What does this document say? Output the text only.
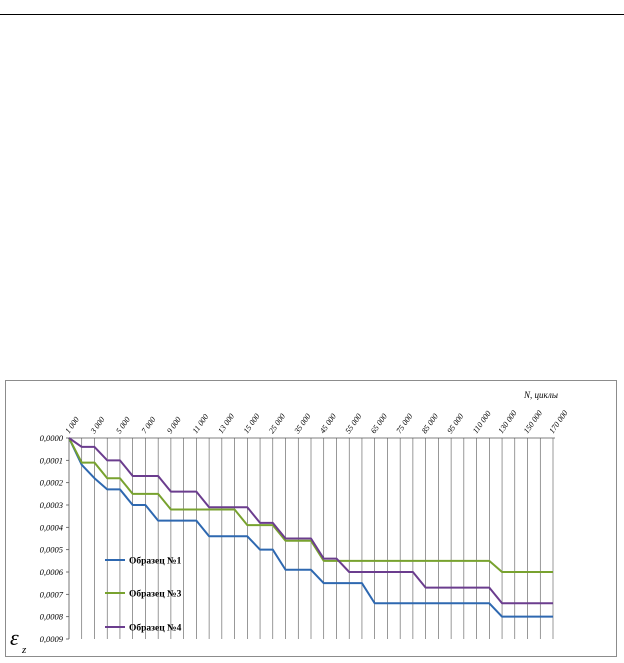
0,0000
0,0001
0,0002
0,0003
0,0004
0,0005
0,0006
0,0007
0,0008
0,0009
1 000 3 000 5 000 7 000 9 000 11 000 13 000 15 000 25 000 35 000 45 000 55 000 65 000 75 000 85 000 95 000 110 000 130 000 150 000 170 000
Образец №1
Образец №3
Образец №4
N, циклы
ε z
